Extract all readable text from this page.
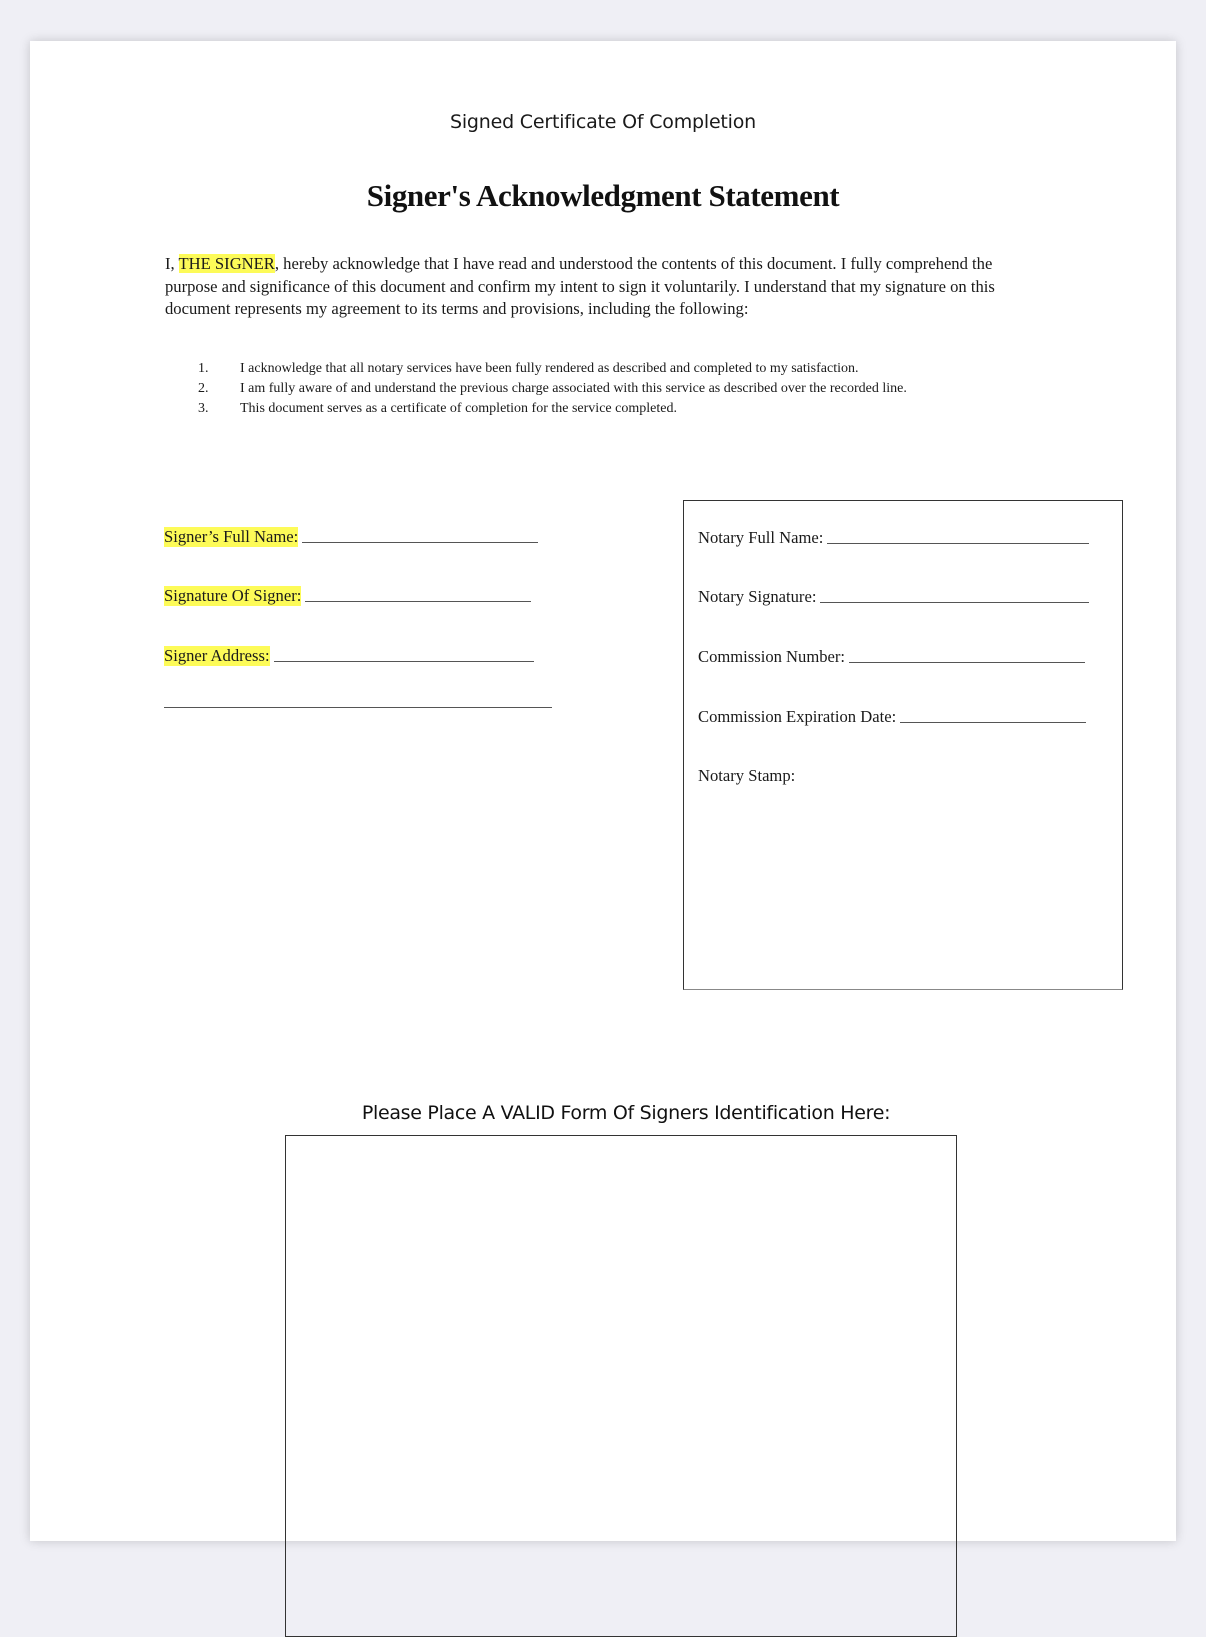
Signed Certificate Of Completion
Signer's Acknowledgment Statement

I, THE SIGNER, hereby acknowledge that I have read and understood the contents of this document. I fully comprehend the purpose and significance of this document and confirm my intent to sign it voluntarily. I understand that my signature on this document represents my agreement to its terms and provisions, including the following:

1.	I acknowledge that all notary services have been fully rendered as described and completed to my satisfaction.
2.	I am fully aware of and understand the previous charge associated with this service as described over the recorded line.
3.	This document serves as a certificate of completion for the service completed.
Signer’s Full Name:
Signature Of Signer:
Signer Address:
Notary Full Name:
Notary Signature:
Commission Number:
Commission Expiration Date:
Notary Stamp:
Please Place A VALID Form Of Signers Identification Here:
